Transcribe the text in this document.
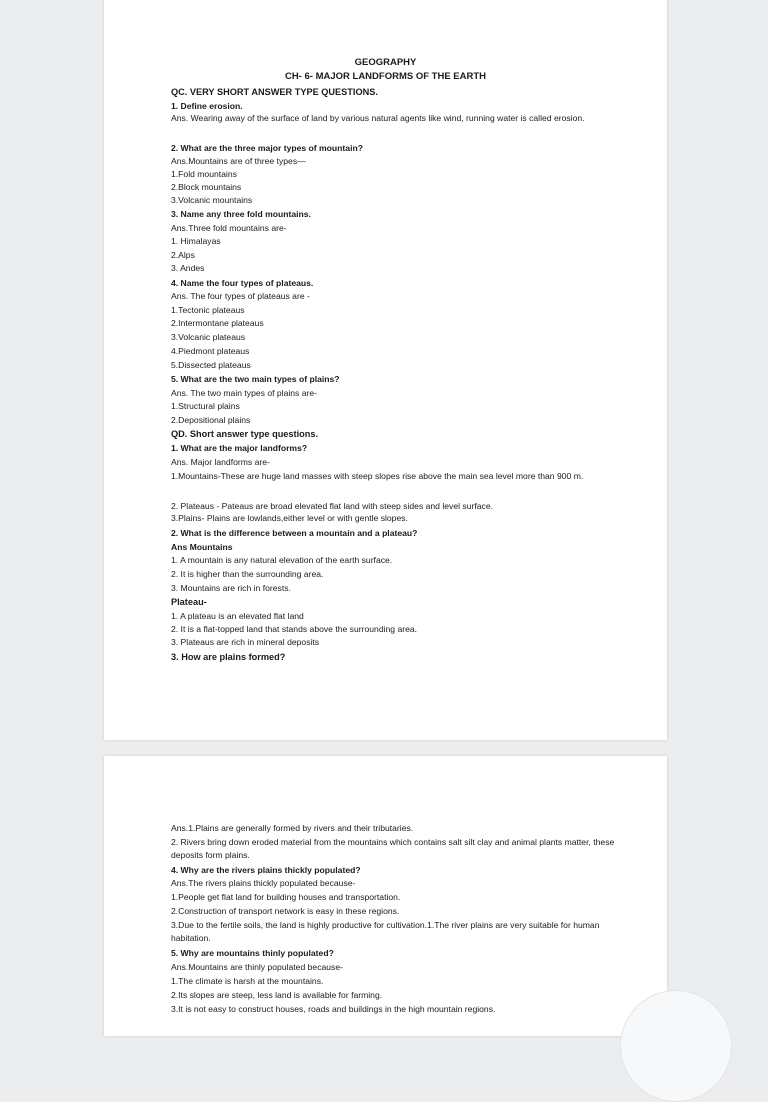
GEOGRAPHY
CH- 6- MAJOR LANDFORMS OF THE EARTH
QC. VERY SHORT ANSWER TYPE QUESTIONS.
1. Define erosion.
Ans. Wearing away of the surface of land by various natural agents like wind, running water is called erosion.
2. What are the three major types of mountain?
Ans.Mountains are of three types—
1.Fold mountains
2.Block mountains
3.Volcanic mountains
3. Name any three fold mountains.
Ans.Three fold mountains are-
1. Himalayas
2.Alps
3. Andes
4. Name the four types of plateaus.
Ans. The four types of plateaus are -
1.Tectonic plateaus
2.Intermontane plateaus
3.Volcanic plateaus
4.Piedmont plateaus
5.Dissected plateaus
5. What are the two main types of plains?
Ans. The two main types of plains are-
1.Structural plains
2.Depositional plains
QD. Short answer type questions.
1. What are the major landforms?
Ans. Major landforms are-
1.Mountains-These are huge land masses with steep slopes rise above the main sea level more than 900 m.
2. Plateaus - Pateaus are broad elevated flat land with steep sides and level surface.
3.Plains- Plains are lowlands,either level or with gentle slopes.
2. What is the difference between a mountain and a plateau?
Ans Mountains
1. A mountain is any natural elevation of the earth surface.
2. It is higher than the surrounding area.
3. Mountains are rich in forests.
Plateau-
1. A plateau is an elevated flat land
2. It is a flat-topped land that stands above the surrounding area.
3. Plateaus are rich in mineral deposits
3. How are plains formed?
Ans.1.Plains are generally formed by rivers and their tributaries.
2. Rivers bring down eroded material from the mountains which contains salt silt clay and animal plants matter, these deposits form plains.
4. Why are the rivers plains thickly populated?
Ans.The rivers plains thickly populated because-
1.People get flat land for building houses and transportation.
2.Construction of transport network is easy in these regions.
3.Due to the fertile soils, the land is highly productive for cultivation.1.The river plains are very suitable for human habitation.
5. Why are mountains thinly populated?
Ans.Mountains are thinly populated because-
1.The climate is harsh at the mountains.
2.Its slopes are steep, less land is available for farming.
3.It is not easy to construct houses, roads and buildings in the high mountain regions.
